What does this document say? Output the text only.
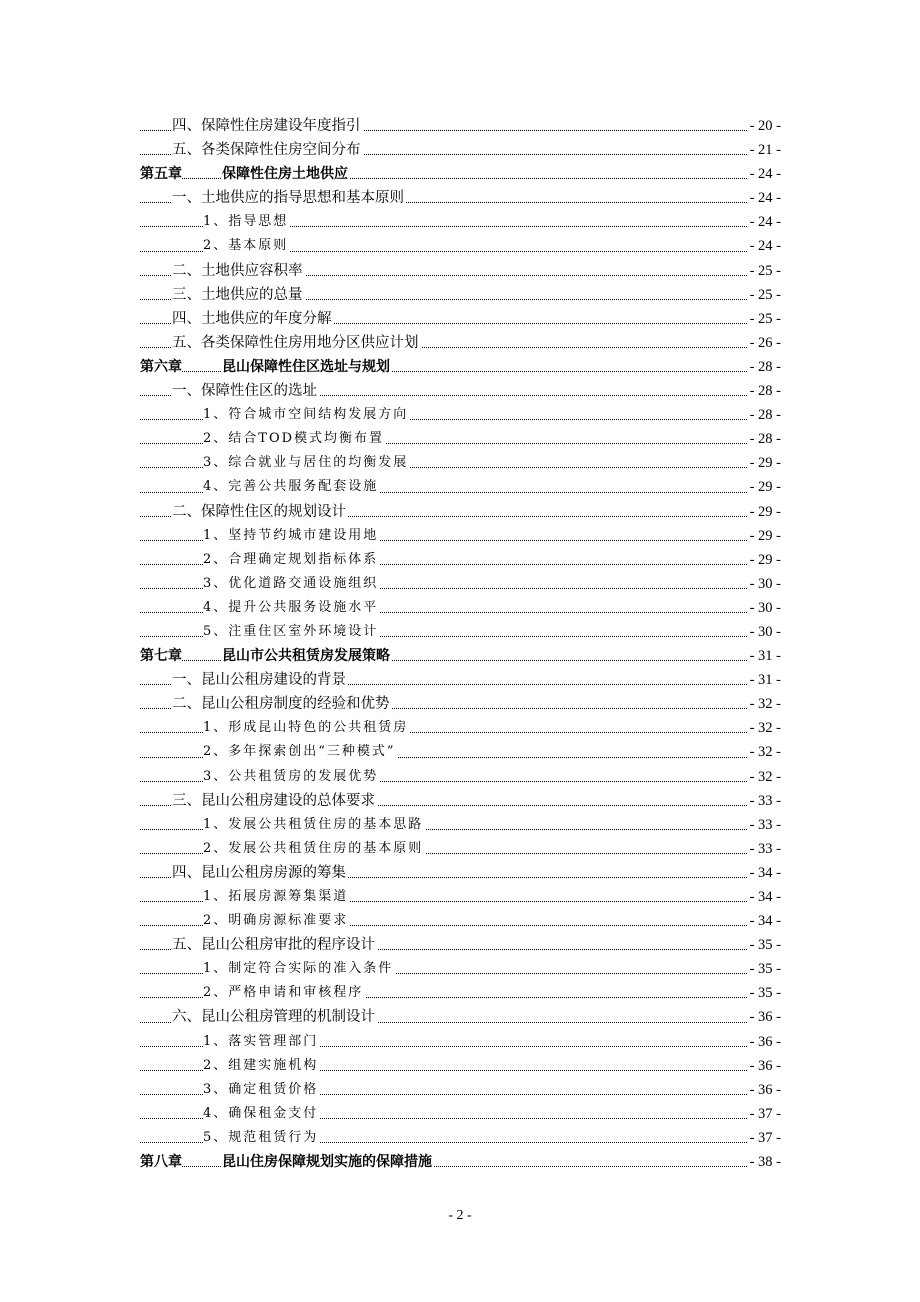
四、保障性住房建设年度指引	- 20 -
五、各类保障性住房空间分布	- 21 -
第五章	保障性住房土地供应	- 24 -
一、土地供应的指导思想和基本原则	- 24 -
1、指导思想	- 24 -
2、基本原则	- 24 -
二、土地供应容积率	- 25 -
三、土地供应的总量	- 25 -
四、土地供应的年度分解	- 25 -
五、各类保障性住房用地分区供应计划	- 26 -
第六章	昆山保障性住区选址与规划	- 28 -
一、保障性住区的选址	- 28 -
1、符合城市空间结构发展方向	- 28 -
2、结合TOD模式均衡布置	- 28 -
3、综合就业与居住的均衡发展	- 29 -
4、完善公共服务配套设施	- 29 -
二、保障性住区的规划设计	- 29 -
1、坚持节约城市建设用地	- 29 -
2、合理确定规划指标体系	- 29 -
3、优化道路交通设施组织	- 30 -
4、提升公共服务设施水平	- 30 -
5、注重住区室外环境设计	- 30 -
第七章	昆山市公共租赁房发展策略	- 31 -
一、昆山公租房建设的背景	- 31 -
二、昆山公租房制度的经验和优势	- 32 -
1、形成昆山特色的公共租赁房	- 32 -
2、多年探索创出“三种模式”	- 32 -
3、公共租赁房的发展优势	- 32 -
三、昆山公租房建设的总体要求	- 33 -
1、发展公共租赁住房的基本思路	- 33 -
2、发展公共租赁住房的基本原则	- 33 -
四、昆山公租房房源的筹集	- 34 -
1、拓展房源筹集渠道	- 34 -
2、明确房源标准要求	- 34 -
五、昆山公租房审批的程序设计	- 35 -
1、制定符合实际的准入条件	- 35 -
2、严格申请和审核程序	- 35 -
六、昆山公租房管理的机制设计	- 36 -
1、落实管理部门	- 36 -
2、组建实施机构	- 36 -
3、确定租赁价格	- 36 -
4、确保租金支付	- 37 -
5、规范租赁行为	- 37 -
第八章	昆山住房保障规划实施的保障措施	- 38 -
- 2 -
